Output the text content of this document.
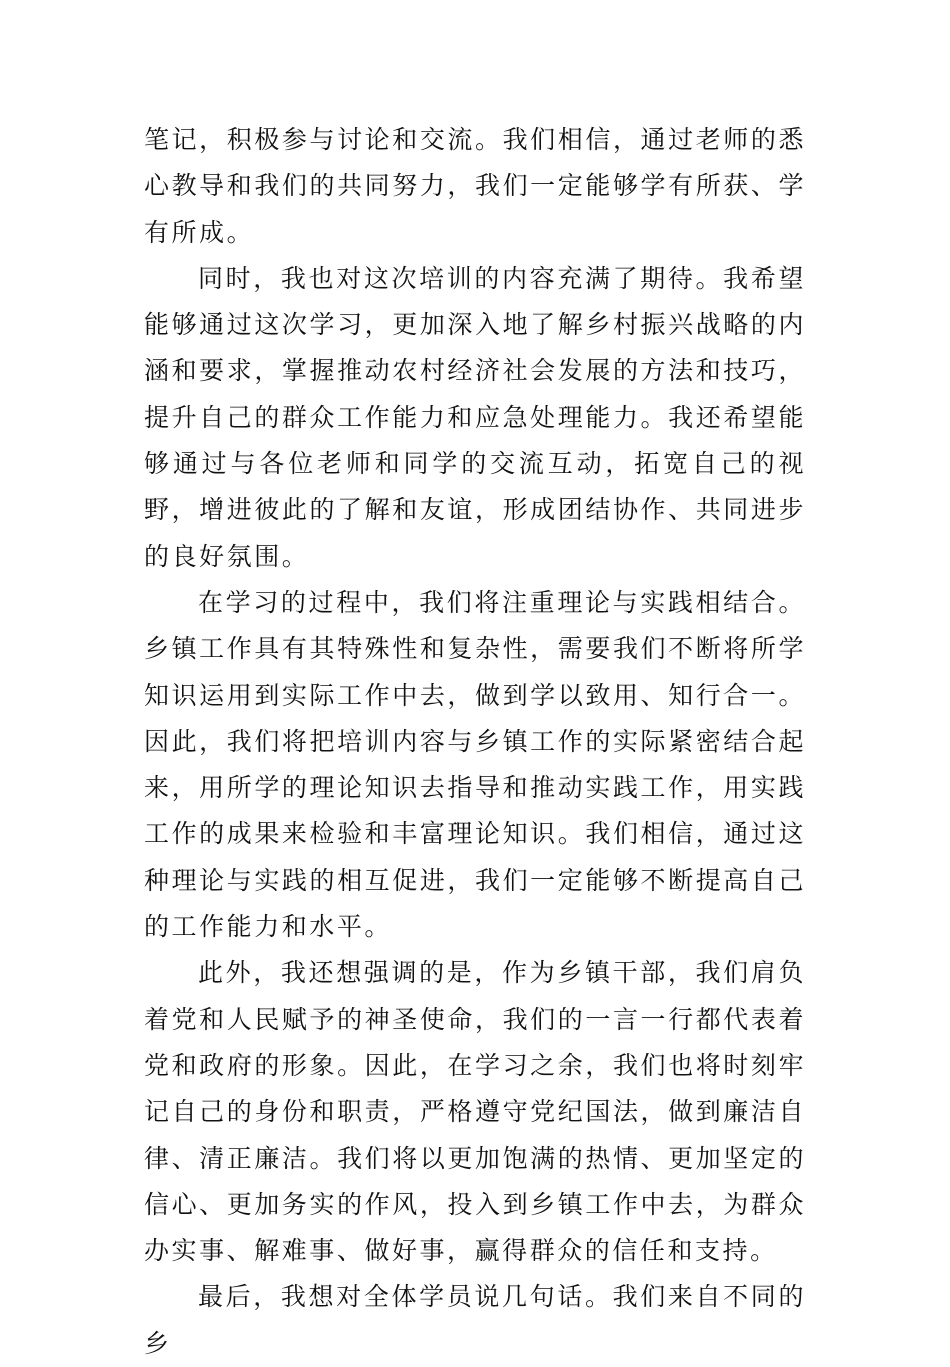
笔记，积极参与讨论和交流。我们相信，通过老师的悉心教导和我们的共同努力，我们一定能够学有所获、学有所成。

同时，我也对这次培训的内容充满了期待。我希望能够通过这次学习，更加深入地了解乡村振兴战略的内涵和要求，掌握推动农村经济社会发展的方法和技巧，提升自己的群众工作能力和应急处理能力。我还希望能够通过与各位老师和同学的交流互动，拓宽自己的视野，增进彼此的了解和友谊，形成团结协作、共同进步的良好氛围。

在学习的过程中，我们将注重理论与实践相结合。乡镇工作具有其特殊性和复杂性，需要我们不断将所学知识运用到实际工作中去，做到学以致用、知行合一。因此，我们将把培训内容与乡镇工作的实际紧密结合起来，用所学的理论知识去指导和推动实践工作，用实践工作的成果来检验和丰富理论知识。我们相信，通过这种理论与实践的相互促进，我们一定能够不断提高自己的工作能力和水平。

此外，我还想强调的是，作为乡镇干部，我们肩负着党和人民赋予的神圣使命，我们的一言一行都代表着党和政府的形象。因此，在学习之余，我们也将时刻牢记自己的身份和职责，严格遵守党纪国法，做到廉洁自律、清正廉洁。我们将以更加饱满的热情、更加坚定的信心、更加务实的作风，投入到乡镇工作中去，为群众办实事、解难事、做好事，赢得群众的信任和支持。

最后，我想对全体学员说几句话。我们来自不同的乡
